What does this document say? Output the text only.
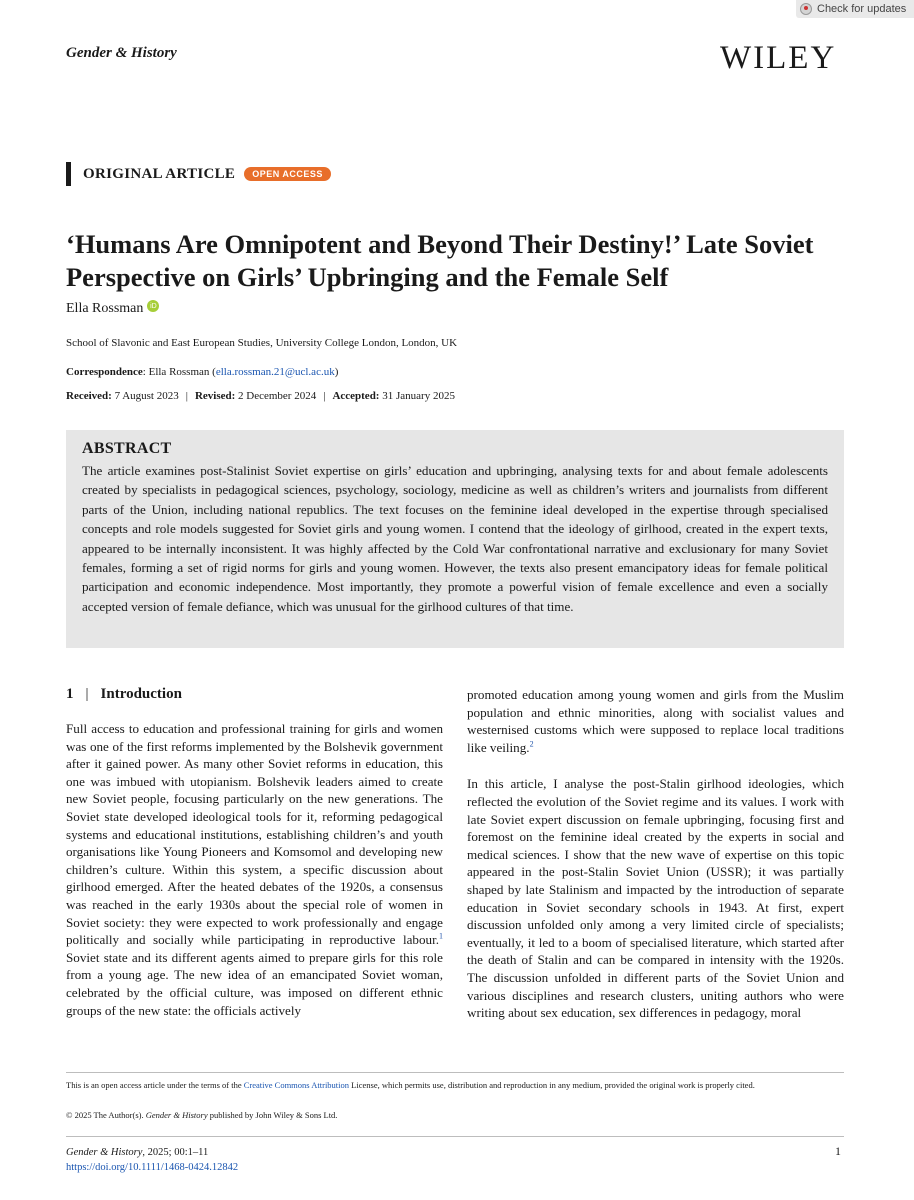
Check for updates
Gender & History	WILEY
ORIGINAL ARTICLE	OPEN ACCESS
‘Humans Are Omnipotent and Beyond Their Destiny!’ Late Soviet Perspective on Girls’ Upbringing and the Female Self
Ella Rossman iD
School of Slavonic and East European Studies, University College London, London, UK
Correspondence: Ella Rossman (ella.rossman.21@ucl.ac.uk)
Received: 7 August 2023 | Revised: 2 December 2024 | Accepted: 31 January 2025
ABSTRACT
The article examines post-Stalinist Soviet expertise on girls’ education and upbringing, analysing texts for and about female adolescents created by specialists in pedagogical sciences, psychology, sociology, medicine as well as children’s writers and journalists from different parts of the Union, including national republics. The text focuses on the feminine ideal developed in the expertise through specialised concepts and role models suggested for Soviet girls and young women. I contend that the ideology of girlhood, created in the expert texts, appeared to be internally inconsistent. It was highly affected by the Cold War confrontational narrative and exclusionary for many Soviet females, forming a set of rigid norms for girls and young women. However, the texts also present emancipatory ideas for female political participation and economic independence. Most importantly, they promote a powerful vision of female excellence and even a socially accepted version of female defiance, which was unusual for the girlhood cultures of that time.
1 | Introduction

Full access to education and professional training for girls and women was one of the first reforms implemented by the Bolshevik government after it gained power. As many other Soviet reforms in education, this one was imbued with utopianism. Bolshevik leaders aimed to create new Soviet people, focusing particularly on the new generations. The Soviet state developed ideological tools for it, reforming pedagogical systems and educational institutions, establishing children’s and youth organisations like Young Pioneers and Komsomol and developing new children’s culture. Within this system, a specific discussion about girlhood emerged. After the heated debates of the 1920s, a consensus was reached in the early 1930s about the special role of women in Soviet society: they were expected to work professionally and engage politically and socially while participating in reproductive labour.$^1$ Soviet state and its different agents aimed to prepare girls for this role from a young age. The new idea of an emancipated Soviet woman, celebrated by the official culture, was imposed on different ethnic groups of the new state: the officials actively

promoted education among young women and girls from the Muslim population and ethnic minorities, along with socialist values and westernised customs which were supposed to replace local traditions like veiling.$^2$

In this article, I analyse the post-Stalin girlhood ideologies, which reflected the evolution of the Soviet regime and its values. I work with late Soviet expert discussion on female upbringing, focusing first and foremost on the feminine ideal created by the experts in social and medical sciences. I show that the new wave of expertise on this topic appeared in the post-Stalin Soviet Union (USSR); it was partially shaped by late Stalinism and impacted by the introduction of separate education in Soviet secondary schools in 1943. At first, expert discussion unfolded only among a very limited circle of specialists; eventually, it led to a boom of specialised literature, which started after the death of Stalin and can be compared in intensity with the 1920s. The discussion unfolded in different parts of the Soviet Union and various disciplines and research clusters, uniting authors who were writing about sex education, sex differences in pedagogy, moral

This is an open access article under the terms of the Creative Commons Attribution License, which permits use, distribution and reproduction in any medium, provided the original work is properly cited.
© 2025 The Author(s). Gender & History published by John Wiley & Sons Ltd.
Gender & History, 2025; 00:1–11
https://doi.org/10.1111/1468-0424.12842
1
